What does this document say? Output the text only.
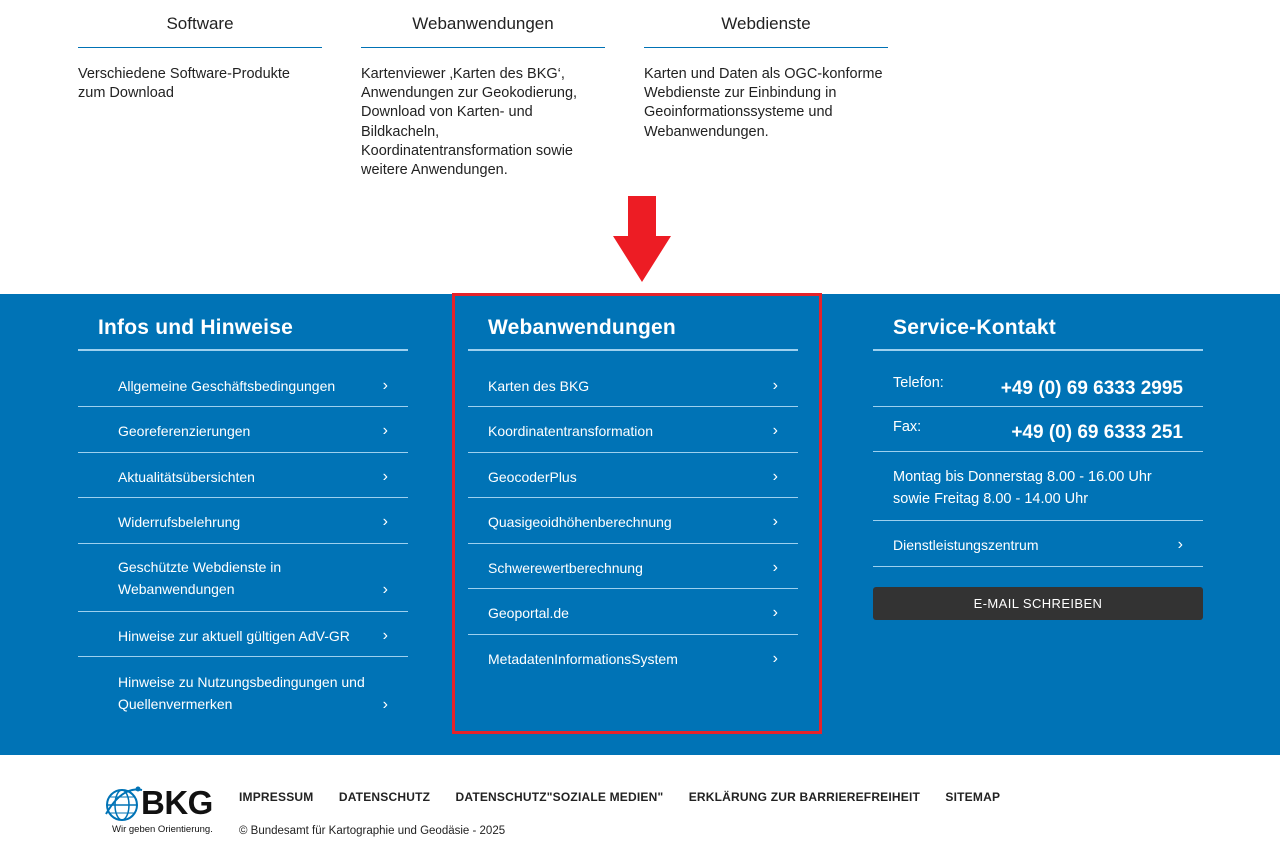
Software
Verschiedene Software-Produkte zum Download
Webanwendungen
Kartenviewer ‚Karten des BKG‘, Anwendungen zur Geokodierung, Download von Karten- und Bildkacheln, Koordinatentransformation sowie weitere Anwendungen.
Webdienste
Karten und Daten als OGC-konforme Webdienste zur Einbindung in Geoinformationssysteme und Webanwendungen.
Infos und Hinweise
Allgemeine Geschäftsbedingungen	›
Georeferenzierungen	›
Aktualitätsübersichten	›
Widerrufsbelehrung	›
Geschützte Webdienste in Webanwendungen	›
Hinweise zur aktuell gültigen AdV-GR	›
Hinweise zu Nutzungsbedingungen und Quellenvermerken	›
Webanwendungen
Karten des BKG	›
Koordinatentransformation	›
GeocoderPlus	›
Quasigeoidhöhenberechnung	›
Schwerewertberechnung	›
Geoportal.de	›
MetadatenInformationsSystem	›
Service-Kontakt
Telefon:	+49 (0) 69 6333 2995
Fax:	+49 (0) 69 6333 251
Montag bis Donnerstag 8.00 - 16.00 Uhr
sowie Freitag 8.00 - 14.00 Uhr
Dienstleistungszentrum	›
E-MAIL SCHREIBEN
BKG
Wir geben Orientierung.
IMPRESSUM DATENSCHUTZ DATENSCHUTZ"SOZIALE MEDIEN" ERKLÄRUNG ZUR BARRIEREFREIHEIT SITEMAP
© Bundesamt für Kartographie und Geodäsie - 2025
